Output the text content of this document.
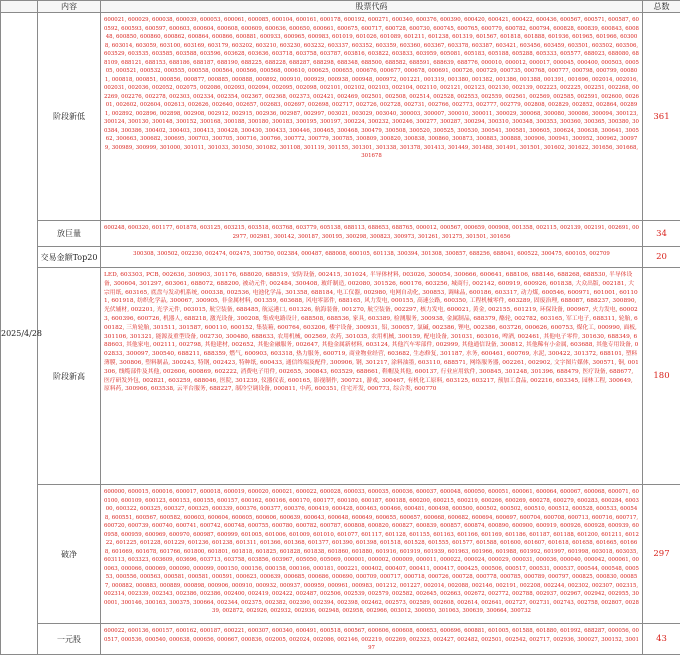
	内容	股票代码	总数
2025/4/28	阶段新低	600021, 600029, 600038, 600039, 600053, 600061, 600085, 600104, 600161, 600178, 600192, 600271, 600340, 600376, 600390, 600420, 600421, 600422, 600436, 600567, 600571, 600587, 600592, 600593, 600597, 600603, 600604, 600608, 600609, 600636, 600650, 600661, 600675, 600717, 600728, 600730, 600745, 600765, 600779, 600782, 600794, 600828, 600839, 600843, 600848, 600850, 600860, 600862, 600864, 600866, 600881, 600933, 600965, 600983, 601019, 601026, 601089, 601211, 601238, 601319, 601567, 601818, 601888, 601936, 601965, 601966, 603008, 603014, 603059, 603100, 603169, 603179, 603202, 603210, 603230, 603232, 603337, 603352, 603359, 603360, 603367, 603378, 603387, 603421, 603456, 603459, 603501, 603502, 603506, 603529, 603535, 603585, 603588, 603596, 603628, 603636, 603718, 603758, 603787, 603816, 603822, 603833, 603959, 605081, 605183, 605188, 605288, 605333, 605577, 688023, 688080, 688109, 688121, 688153, 688186, 688187, 688190, 688225, 688228, 688287, 688298, 688348, 688500, 688582, 688591, 688639, 688776, 000010, 000012, 000017, 000045, 000400, 000503, 000505, 000521, 000532, 000555, 000558, 000564, 000566, 000568, 000610, 000625, 000655, 000676, 000677, 000678, 000691, 000726, 000729, 000735, 000768, 000777, 000798, 000799, 000801, 000818, 000851, 000856, 000877, 000885, 000888, 000892, 000910, 000929, 000938, 000948, 000972, 001221, 001319, 001380, 001382, 001386, 001388, 001391, 001696, 002014, 002016, 002031, 002036, 002052, 002075, 002086, 002093, 002094, 002095, 002098, 002101, 002102, 002103, 002104, 002110, 002121, 002123, 002130, 002139, 002223, 002225, 002251, 002268, 002269, 002276, 002278, 002303, 002334, 002354, 002367, 002368, 002373, 002421, 002469, 002501, 002508, 002514, 002528, 002553, 002559, 002561, 002569, 002585, 002591, 002600, 002601, 002602, 002604, 002613, 002626, 002640, 002657, 002683, 002697, 002698, 002717, 002726, 002728, 002731, 002766, 002773, 002777, 002779, 002808, 002829, 002852, 002864, 002891, 002892, 002896, 002898, 002908, 002912, 002915, 002936, 002987, 002997, 003021, 003029, 003040, 300003, 300007, 300010, 300011, 300029, 300068, 300080, 300086, 300094, 300123, 300124, 300130, 300148, 300152, 300168, 300188, 300180, 300183, 300195, 300197, 300224, 300232, 300246, 300277, 300287, 300294, 300310, 300348, 300353, 300360, 300365, 300380, 300384, 300386, 300402, 300403, 300413, 300428, 300430, 300433, 300446, 300465, 300468, 300479, 300508, 300520, 300525, 300530, 300541, 300581, 300605, 300624, 300638, 300641, 300562, 300663, 300682, 300695, 300703, 300705, 300716, 300766, 300772, 300779, 300785, 300809, 300820, 300838, 300860, 300873, 300883, 300888, 300906, 300941, 300952, 300962, 300979, 300989, 300999, 301000, 301011, 301033, 301050, 301082, 301108, 301119, 301155, 301301, 301338, 301378, 301413, 301449, 301488, 301491, 301501, 301602, 301622, 301656, 301668, 301678	361
	放巨量	600248, 600320, 601177, 601878, 603125, 603215, 603518, 603768, 603779, 605138, 688113, 688653, 688765, 000012, 000567, 000659, 000908, 001358, 002115, 002139, 002191, 002691, 002977, 002981, 300142, 300187, 300195, 300298, 300823, 300973, 301261, 301275, 301501, 301656	34
	交易金额Top20	300308, 300502, 002230, 002474, 002475, 300750, 002384, 000487, 688008, 600105, 601138, 300394, 301308, 300857, 688256, 688041, 600522, 300475, 600105, 002709	20
	阶段新高	LED, 603303, PCB, 002636, 300903, 301176, 688020, 688519, 安防设备, 002415, 301024, 半导体材料, 003026, 300054, 300666, 600641, 688106, 688146, 688268, 688530, 半导体设备, 300604, 301297, 603061, 688072, 688200, 被动元件, 002484, 300408, 玻纤制造, 002080, 301526, 600176, 603256, 城商行, 002142, 600919, 600926, 601838, 大众出版, 002181, 大宗用纸, 603165, 底盘与发动机系统, 000338, 002536, 电池化学品, 301358, 688184, 电工仪器, 002980, 电网自动化, 300853, 调味品, 600186, 603317, 动力煤, 600546, 600971, 601001, 601101, 601918, 纺织化学品, 300067, 300905, 非金属材料, 001359, 603688, 风电零部件, 688165, 风力发电, 000155, 高速公路, 600350, 工程机械零件, 603289, 固废治理, 688087, 688237, 300890, 光伏辅材, 002201, 光学元件, 003015, 航空装备, 688485, 航运港口, 601326, 航海装备, 001270, 航空装备, 002297, 核力发电, 600021, 黄金, 002155, 601219, 环保设备, 000967, 火力发电, 600023, 600396, 600726, 机器人, 688218, 激光设备, 300208, 集成电路设计, 688508, 688536, 家具, 603389, 检测服务, 300938, 金属制品, 688379, 酪轮, 002782, 603165, 军工电子, 688311, 轮胎, 600182, 三角轮胎, 301511, 301587, 600110, 600152, 集装箱, 600764, 603206, 楼宇设备, 300931, 铝, 300057, 氯碱, 002386, 锂电, 002386, 603726, 000626, 600753, 煤化工, 000990, 面板, 301106, 301321, 能源及重型设备, 002730, 300480, 688633, 农用机械, 002569, 农药, 301035, 农用机械, 300159, 配电设备, 301031, 603016, 啤酒, 002461, 其他电子零件, 301630, 688349, 688603, 其他家电, 002111, 002798, 其他建材, 002652, 其他金融服务, 002647, 其他金属新材料, 603124, 其他汽车零部件, 002999, 其他通信设备, 300812, 其他稀有小金属, 603688, 其他专用设备, 002833, 300097, 300540, 688211, 688359, 燃气, 600903, 603318, 热力服务, 600719, 商业物业经营, 603682, 生态修复, 301187, 水务, 600461, 600769, 水泥, 300422, 301372, 688101, 塑料薄膜, 300806, 塑料制品, 300243, 特钢, 002423, 特种纸, 600433, 通信终端及配件, 300906, 钢, 301217, 涂料油墨, 603110, 688571, 网络服务器, 002261, 002902, 文字图片媒体, 300571, 铜, 001306, 线缆部件及其他, 002606, 600869, 602222, 消费电子用件, 002655, 300843, 603529, 688661, 鞋帽及其他, 600137, 行业应用软件, 300845, 301248, 301396, 688479, 医疗设备, 688677, 医疗研发外包, 002821, 603259, 688046, 医院, 301239, 仪器仪表, 600165, 影视制作, 300721, 游戏, 300467, 有机化工原料, 603125, 603217, 预加工食品, 002216, 603345, 园林工程, 300649, 原料药, 300966, 603538, 云平台服务, 688227, 制冷空调设备, 000811, 中药, 600351, 住宅开发, 000773, 综合类, 600770	180
	破净	600000, 600015, 600016, 600017, 600018, 600019, 600020, 600021, 600022, 600028, 600033, 600035, 600036, 600037, 600048, 600050, 600051, 600061, 600064, 600067, 600068, 600071, 600100, 600109, 600123, 600153, 600155, 600157, 600162, 600166, 600170, 600177, 600180, 600187, 600188, 600200, 600215, 600219, 600266, 600269, 600278, 600279, 600283, 600284, 600300, 600322, 600325, 600327, 600325, 600339, 600376, 600377, 600376, 600419, 600428, 600463, 600466, 600481, 600498, 600500, 600502, 600502, 600510, 600512, 600528, 600533, 600548, 600551, 600567, 600582, 600603, 600604, 600605, 600606, 600639, 600643, 600648, 600649, 600655, 600657, 600668, 600682, 600694, 600697, 600704, 600708, 600713, 600716, 600717, 600720, 600739, 600740, 600741, 600742, 600748, 600755, 600780, 600782, 600787, 600808, 600820, 600827, 600839, 600857, 600874, 600890, 600900, 600919, 600926, 600928, 600939, 600958, 600959, 600969, 600970, 600987, 600999, 601005, 601006, 601009, 601010, 601077, 601117, 601128, 601155, 601163, 601166, 601169, 601186, 601187, 601188, 601200, 601211, 601222, 601225, 601228, 601229, 601236, 601238, 601311, 601366, 601368, 601377, 601390, 601398, 601518, 601528, 601555, 601577, 601588, 601600, 601607, 601618, 601658, 601665, 601668, 601669, 601678, 601766, 601800, 601801, 601818, 601825, 601828, 601838, 601860, 601880, 601916, 601919, 601939, 601963, 601966, 601988, 601992, 601997, 601998, 603018, 603035, 603113, 603323, 603609, 603696, 603713, 603758, 603856, 603967, 605050, 605069, 000001, 000002, 000009, 000011, 000022, 000024, 000029, 000031, 000036, 000040, 000042, 000061, 000063, 000066, 000069, 000090, 000099, 000150, 000156, 000158, 000166, 000181, 000221, 000402, 000407, 000411, 000417, 000425, 000506, 000517, 000531, 000537, 000544, 000548, 000553, 000556, 000563, 000581, 000581, 000591, 000623, 000639, 000685, 000686, 000690, 000709, 000717, 000718, 000726, 000728, 000778, 000785, 000789, 000797, 000825, 000830, 000857, 000882, 000883, 000889, 000898, 000906, 000910, 000932, 000937, 000959, 000961, 000983, 001212, 001227, 002014, 002088, 002146, 002191, 002208, 002244, 002302, 002307, 002315, 002314, 002339, 002343, 002386, 002386, 002400, 002419, 002422, 002487, 002506, 002539, 002579, 002582, 002645, 002663, 002672, 002772, 002788, 002937, 002967, 002942, 002955, 300001, 300146, 300163, 300375, 300664, 002344, 002375, 002382, 002390, 002394, 002398, 002462, 002573, 002589, 002608, 002614, 002641, 002727, 002731, 002743, 002758, 002807, 002839, 002872, 002926, 002932, 002936, 002948, 002958, 002966, 003012, 300050, 301063, 300639, 300664, 300732	297
	一元股	600022, 600136, 600157, 600162, 600187, 600221, 600307, 600340, 600491, 600518, 600567, 600606, 600608, 600653, 600696, 600881, 601005, 601588, 601880, 601992, 688287, 000056, 000517, 000536, 000540, 000638, 000656, 000667, 000836, 002005, 002024, 002086, 002146, 002219, 002269, 002323, 002427, 002482, 002501, 002542, 002717, 002936, 300027, 300152, 300197	43
